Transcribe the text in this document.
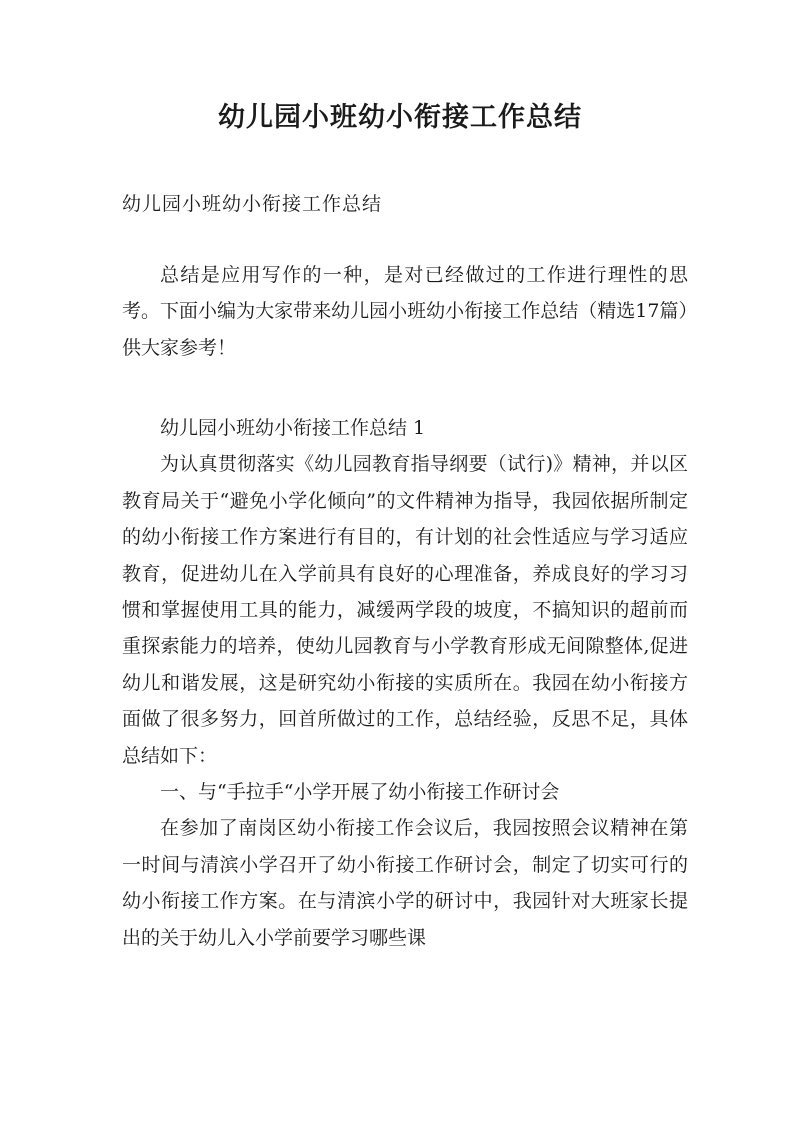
幼儿园小班幼小衔接工作总结
幼儿园小班幼小衔接工作总结

总结是应用写作的一种，是对已经做过的工作进行理性的思考。下面小编为大家带来幼儿园小班幼小衔接工作总结（精选17篇）供大家参考！

幼儿园小班幼小衔接工作总结 1

为认真贯彻落实《幼儿园教育指导纲要（试行)》精神，并以区教育局关于“避免小学化倾向”的文件精神为指导，我园依据所制定的幼小衔接工作方案进行有目的，有计划的社会性适应与学习适应教育，促进幼儿在入学前具有良好的心理准备，养成良好的学习习惯和掌握使用工具的能力，减缓两学段的坡度，不搞知识的超前而重探索能力的培养，使幼儿园教育与小学教育形成无间隙整体,促进幼儿和谐发展，这是研究幼小衔接的实质所在。我园在幼小衔接方面做了很多努力，回首所做过的工作，总结经验，反思不足，具体总结如下：

一、与“手拉手“小学开展了幼小衔接工作研讨会

在参加了南岗区幼小衔接工作会议后，我园按照会议精神在第一时间与清滨小学召开了幼小衔接工作研讨会，制定了切实可行的幼小衔接工作方案。在与清滨小学的研讨中，我园针对大班家长提出的关于幼儿入小学前要学习哪些课
